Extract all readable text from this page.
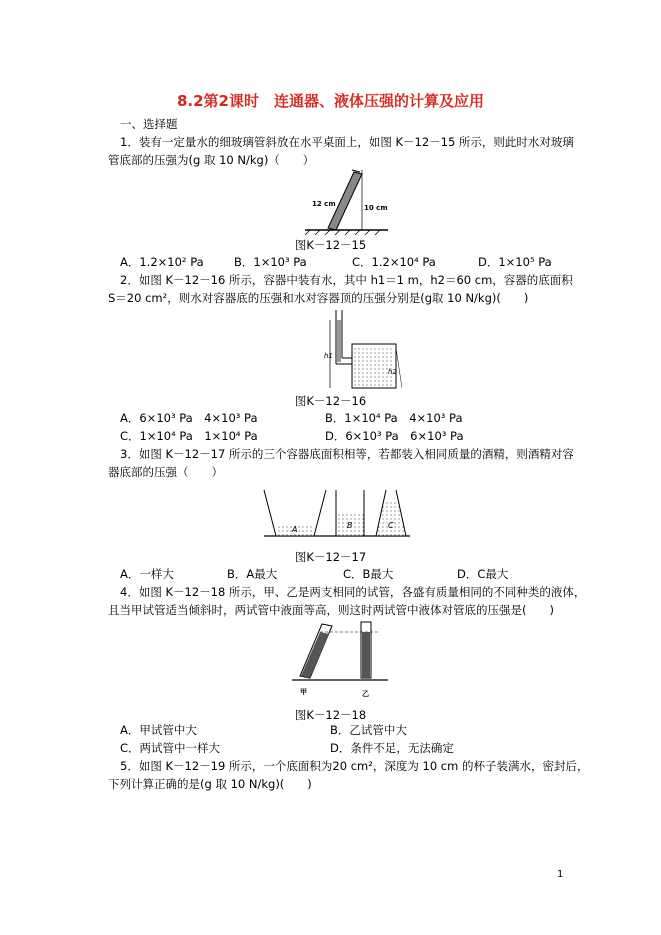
8.2第2课时　连通器、液体压强的计算及应用
一、选择题
1．装有一定量水的细玻璃管斜放在水平桌面上，如图 K－12－15 所示，则此时水对玻璃
管底部的压强为(g 取 10 N/kg)（　　）
12 cm	10 cm
图K－12－15
A．1.2×10² Pa	B．1×10³ Pa	C．1.2×10⁴ Pa	D．1×10⁵ Pa
2．如图 K－12－16 所示，容器中装有水，其中 h1＝1 m，h2＝60 cm，容器的底面积
S＝20 cm²，则水对容器底的压强和水对容器顶的压强分别是(g取 10 N/kg)(　　)
h1
h2
图K－12－16
A．6×10³ Pa　4×10³ Pa	B．1×10⁴ Pa　4×10³ Pa
C．1×10⁴ Pa　1×10⁴ Pa	D．6×10³ Pa　6×10³ Pa
3．如图 K－12－17 所示的三个容器底面积相等，若都装入相同质量的酒精，则酒精对容
器底部的压强（　　）
A	B	C
图K－12－17
A．一样大	B．A最大	C．B最大	D．C最大
4．如图 K－12－18 所示，甲、乙是两支相同的试管，各盛有质量相同的不同种类的液体，
且当甲试管适当倾斜时，两试管中液面等高，则这时两试管中液体对管底的压强是(　　)
甲	乙
图K－12－18
A．甲试管中大	B．乙试管中大
C．两试管中一样大	D．条件不足，无法确定
5．如图 K－12－19 所示，一个底面积为20 cm²，深度为 10 cm 的杯子装满水，密封后，
下列计算正确的是(g 取 10 N/kg)(　　)
1
